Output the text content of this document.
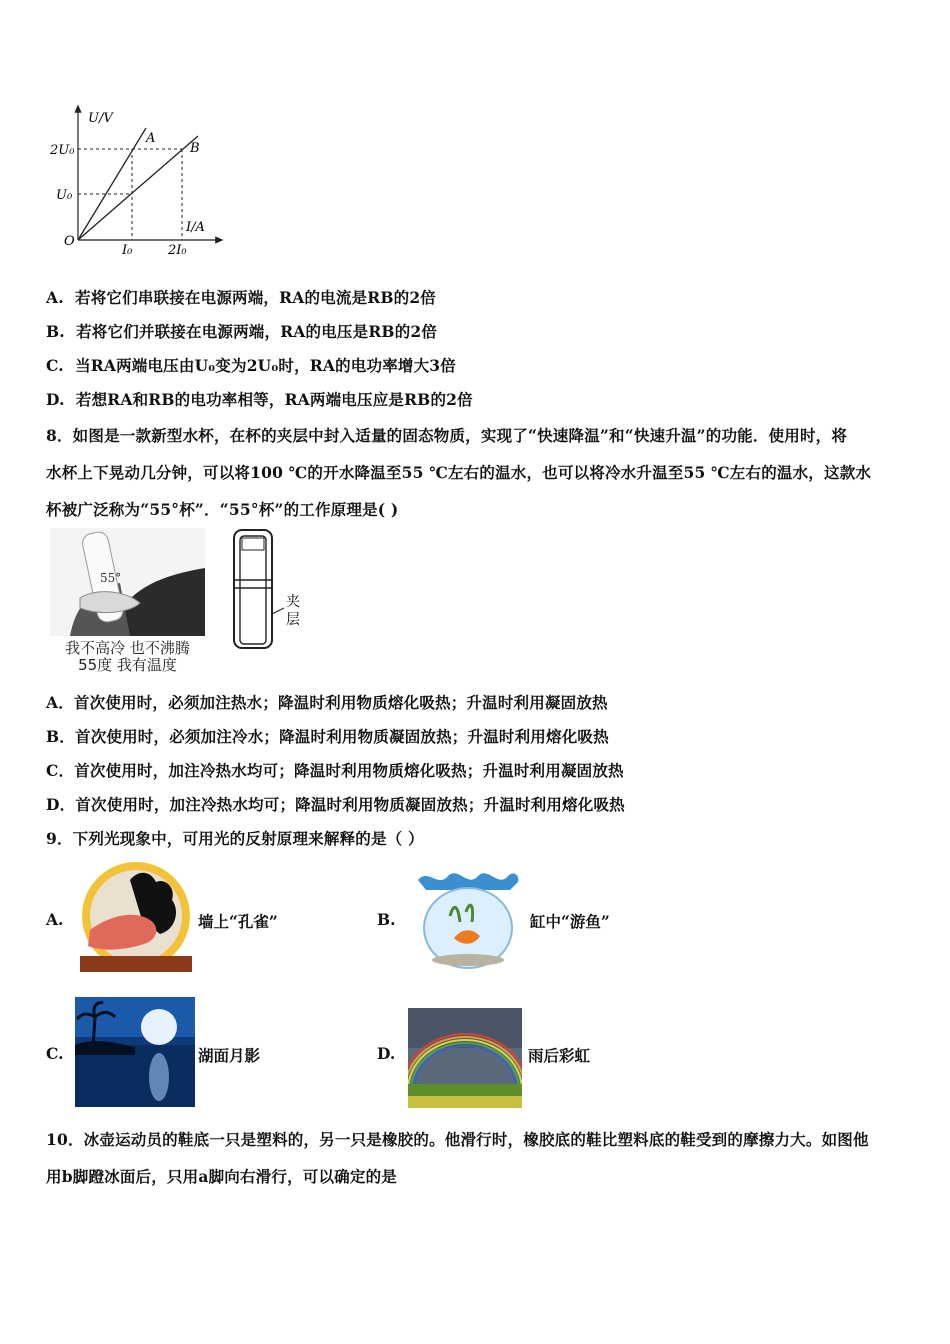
U/V
I/A
O
2U₀
U₀
I₀	2I₀
A
B
A. 若将它们串联接在电源两端，RA的电流是RB的2倍
B. 若将它们并联接在电源两端，RA的电压是RB的2倍
C. 当RA两端电压由U₀变为2U₀时，RA的电功率增大3倍
D. 若想RA和RB的电功率相等，RA两端电压应是RB的2倍
8．如图是一款新型水杯，在杯的夹层中封入适量的固态物质，实现了“快速降温”和“快速升温”的功能．使用时，将
水杯上下晃动几分钟，可以将100 ℃的开水降温至55 ℃左右的温水，也可以将冷水升温至55 ℃左右的温水，这款水
杯被广泛称为“55°杯”．“55°杯”的工作原理是( )
55°
我不高冷 也不沸腾
55度 我有温度
夹
层
A．首次使用时，必须加注热水；降温时利用物质熔化吸热；升温时利用凝固放热
B．首次使用时，必须加注冷水；降温时利用物质凝固放热；升温时利用熔化吸热
C．首次使用时，加注冷热水均可；降温时利用物质熔化吸热；升温时利用凝固放热
D．首次使用时，加注冷热水均可；降温时利用物质凝固放热；升温时利用熔化吸热
9．下列光现象中，可用光的反射原理来解释的是（ ）
A.	墙上“孔雀”	B.	缸中“游鱼”
C.	湖面月影	D.	雨后彩虹
10．冰壶运动员的鞋底一只是塑料的，另一只是橡胶的。他滑行时，橡胶底的鞋比塑料底的鞋受到的摩擦力大。如图他
用b脚蹬冰面后，只用a脚向右滑行，可以确定的是
